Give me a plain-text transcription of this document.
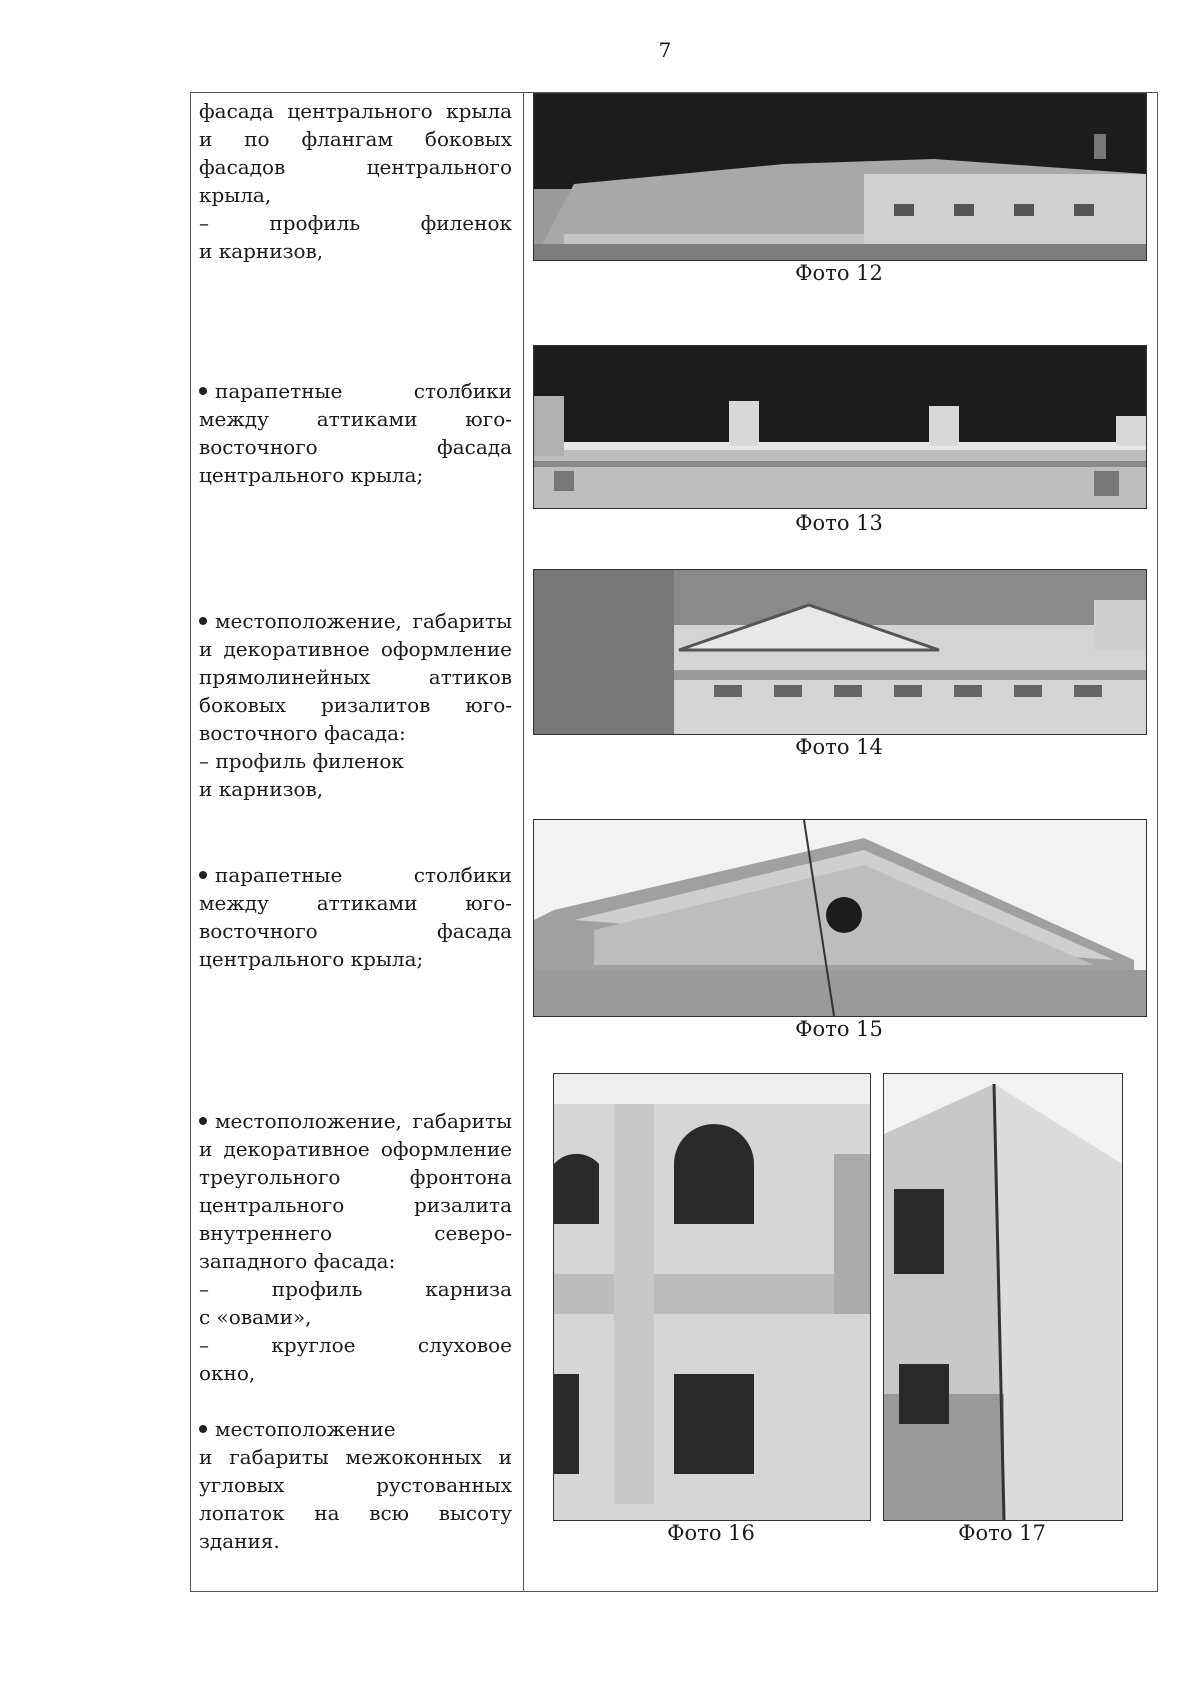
7

фасада центрального крыла

и по флангам боковых

фасадов центрального крыла,

– профиль филенок

и карнизов,

парапетные столбики

между аттиками юго-

восточного фасада

центрального крыла;

местоположение, габариты

и декоративное оформление

прямолинейных аттиков

боковых ризалитов юго-

восточного фасада:

– профиль филенок

и карнизов,

парапетные столбики

между аттиками юго-

восточного фасада

центрального крыла;

местоположение, габариты

и декоративное оформление

треугольного фронтона

центрального ризалита

внутреннего северо-

западного фасада:

– профиль карниза

с «овами»,

– круглое слуховое

окно,

местоположение

и габариты межоконных и

угловых рустованных

лопаток на всю высоту

здания.

Фото 12
Фото 13
Фото 14
Фото 15
Фото 16	Фото 17
